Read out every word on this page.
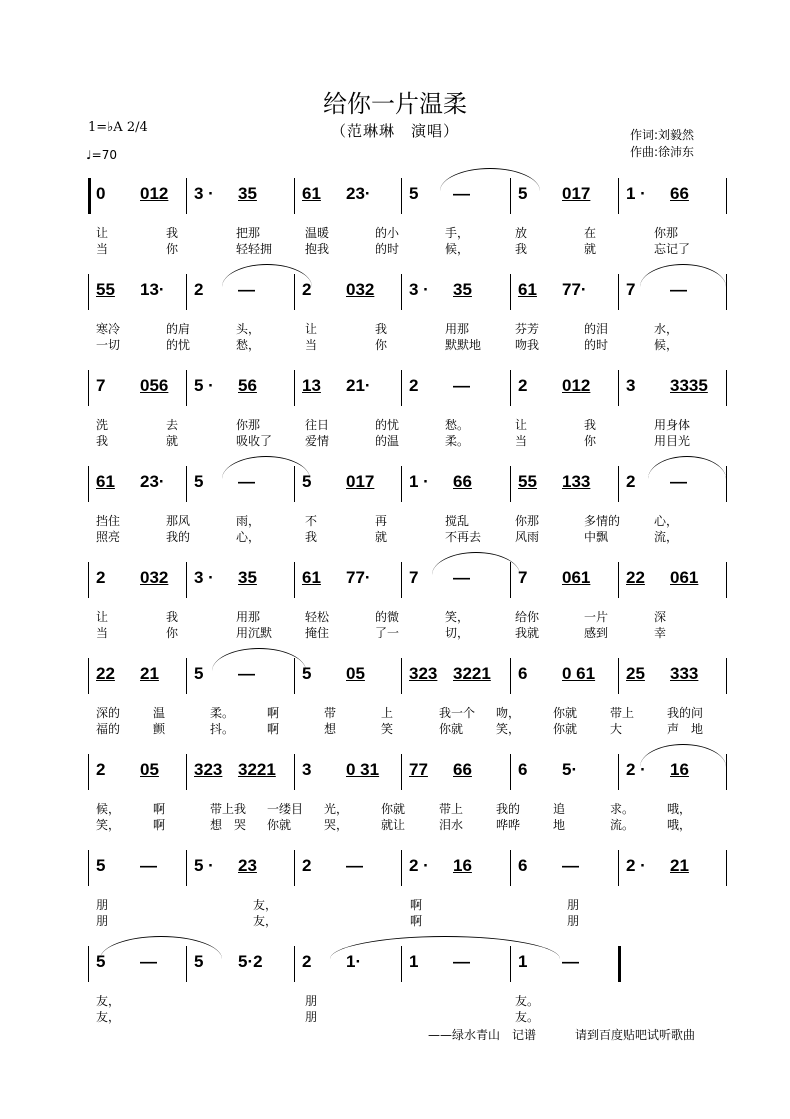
给你一片温柔
（范琳琳　演唱）	作词:刘毅然
作曲:徐沛东
1=♭A 2/4
♩=70
0 012 3 · 35	61 23· 5 —	5 017 1 · 66
让	我	把那	温暖	的小	手，	放	在	你那
当	你	轻轻拥	抱我	的时	候，	我	就	忘记了
55 13· 2 —	2 032 3 · 35	61 77· 7 —
寒冷	的肩	头，	让	我	用那	芬芳	的泪	水，
一切	的忧	愁，	当	你	默默地	吻我	的时	候，
7 056 5 · 56	13 21· 2 —	2 012 3 3335
洗	去	你那	往日	的忧	愁。	让	我	用身体
我	就	吸收了	爱情	的温	柔。	当	你	用目光
61 23· 5 —	5 017 1 · 66	55 133 2 —
挡住	那风	雨，	不	再	搅乱	你那	多情的	心，
照亮	我的	心，	我	就	不再去	风雨	中飘	流，
2 032 3 · 35	61 77· 7 —	7 061 22 061
让	我	用那	轻松	的微	笑，	给你	一片	深
当	你	用沉默	掩住	了一	切，	我就	感到	幸
22 21 5 —	5 05	323 3221 6 0 61 25 333
深的	温	柔。	啊	带	上	我一个 吻，	你就	带上	我的问
福的	颤	抖。	啊	想	笑	你就	笑，	你就	大	声　地
2 05 323 3221 3 0 31 77 66	6 5·	2 · 16
候，	啊	带上我 一缕目 光，	你就	带上	我的	追	求。	哦，
笑，	啊	想　哭 你就	哭，	就让	泪水	哗哗	地	流。	哦，
5 — 5 · 23	2 —	2 · 16	6 —	2 · 21
朋	友，	啊	朋
朋	友，	啊	朋
5 — 5 5·2 2 1·	1 —	1 —
友，	朋	友。
友，	朋	友。
——绿水青山　记谱	请到百度贴吧试听歌曲
